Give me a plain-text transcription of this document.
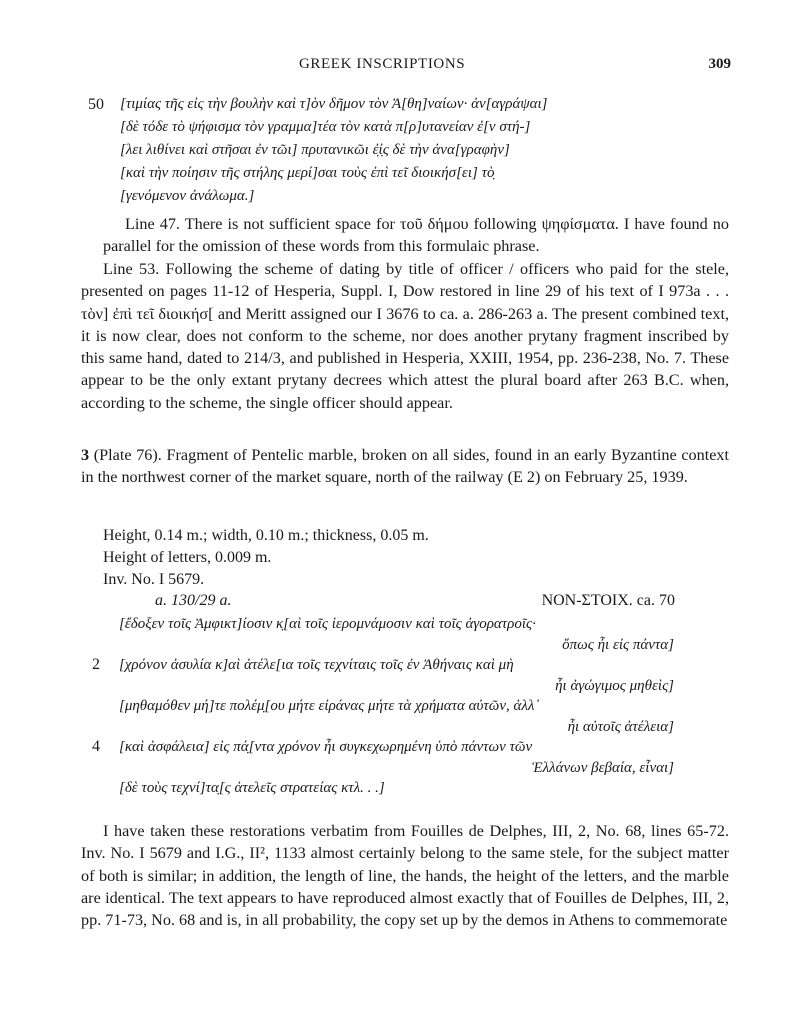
GREEK INSCRIPTIONS	309
50 [τιμίας τῆς εἰς τὴν βουλὴν καὶ τ]ὸν δῆμον τὸν Ἀ[θη]ναίων· ἀν[αγράψαι]
[δὲ τόδε τὸ ψήφισμα τὸν γραμμα]τέα τὸν κατὰ π[ρ]υτανείαν ἐ[ν στή-]
[λει λιθίνει καὶ στῆσαι ἐν τῶι] πρυτανικῶι ἐ̣ἰ̣ς δὲ τὴν ἀνα[γραφὴν]
[καὶ τὴν ποίησιν τῆς στήλης μερί]σαι τοὺς ἐπὶ τεῖ διοικήσ[ει] τὸ̣
[γενόμενον ἀνάλωμα.]

Line 47. There is not sufficient space for τοῦ δήμου following ψηφίσματα. I have found no parallel for the omission of these words from this formulaic phrase.

Line 53. Following the scheme of dating by title of officer / officers who paid for the stele, presented on pages 11-12 of Hesperia, Suppl. I, Dow restored in line 29 of his text of I 973a . . . τὸν] ἐπὶ τεῖ διοικήσ[ and Meritt assigned our I 3676 to ca. a. 286-263 a. The present combined text, it is now clear, does not conform to the scheme, nor does another prytany fragment inscribed by this same hand, dated to 214/3, and published in Hesperia, XXIII, 1954, pp. 236-238, No. 7. These appear to be the only extant prytany decrees which attest the plural board after 263 B.C. when, according to the scheme, the single officer should appear.

3 (Plate 76). Fragment of Pentelic marble, broken on all sides, found in an early Byzantine context in the northwest corner of the market square, north of the railway (E 2) on February 25, 1939.

Height, 0.14 m.; width, 0.10 m.; thickness, 0.05 m.
Height of letters, 0.009 m.
Inv. No. I 5679.
a. 130/29 a.	NON-ΣΤΟΙΧ. ca. 70
[ἔδοξεν τοῖς Ἀμφικτ]ίοσιν κ̣[αὶ τοῖς ἱερομνάμοσιν καὶ τοῖς ἀγορατροῖς·
ὅπως ἦι εἰς πάντα]
2 [χρόνον ἀσυλία κ]αὶ ἀτέλε[ια τοῖς τεχνίταις τοῖς ἐν Ἀθήναις καὶ μὴ
ἦι ἀγώγιμος μηθεὶς]
[μηθαμόθεν μή]τε πολέμ̣[ου μήτε εἰράνας μήτε τὰ χρήματα αὐτῶν, ἀλλ᾽
ἦι αὐτοῖς ἀτέλεια]
4 [καὶ ἀσφάλεια] εἰς πά̣[ντα χρόνον ἦι συγκεχωρημένη ὑπὸ πάντων τῶν
Ἑλλάνων βεβαία, εἶναι]
[δὲ τοὺς τεχνί]τα̣[ς ἀτελεῖς στρατείας κτλ. . .]

I have taken these restorations verbatim from Fouilles de Delphes, III, 2, No. 68, lines 65-72. Inv. No. I 5679 and I.G., II², 1133 almost certainly belong to the same stele, for the subject matter of both is similar; in addition, the length of line, the hands, the height of the letters, and the marble are identical. The text appears to have reproduced almost exactly that of Fouilles de Delphes, III, 2, pp. 71-73, No. 68 and is, in all probability, the copy set up by the demos in Athens to commemorate
